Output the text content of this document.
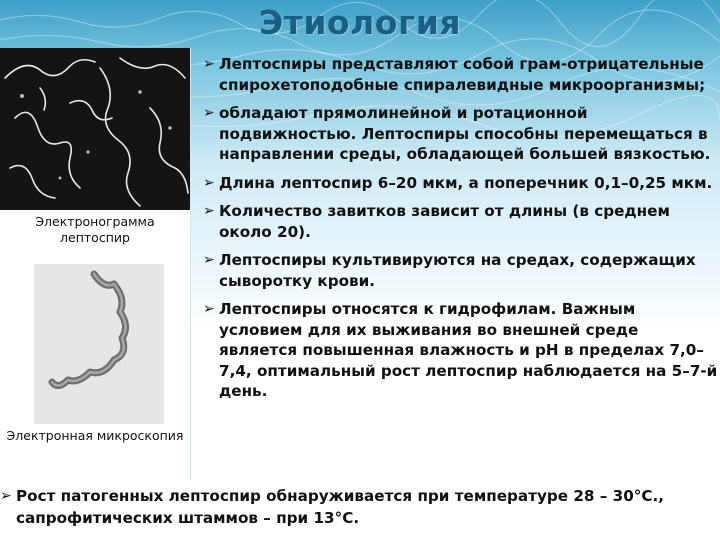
Этиология
Электронограмма лептоспир
Электронная микроскопия
➢ Лептоспиры представляют собой грам-отрицательные спирохетоподобные спиралевидные микроорганизмы;
➢ обладают прямолинейной и ротационной подвижностью. Лептоспиры способны перемещаться в направлении среды, обладающей большей вязкостью.
➢ Длина лептоспир 6–20 мкм, а поперечник 0,1–0,25 мкм.
➢ Количество завитков зависит от длины (в среднем около 20).
➢ Лептоспиры культивируются на средах, содержащих сыворотку крови.
➢ Лептоспиры относятся к гидрофилам. Важным условием для их выживания во внешней среде является повышенная влажность и pH в пределах 7,0–7,4, оптимальный рост лептоспир наблюдается на 5–7-й день.
➢ Рост патогенных лептоспир обнаруживается при температуре 28 – 30°С., сапрофитических штаммов – при 13°С.
